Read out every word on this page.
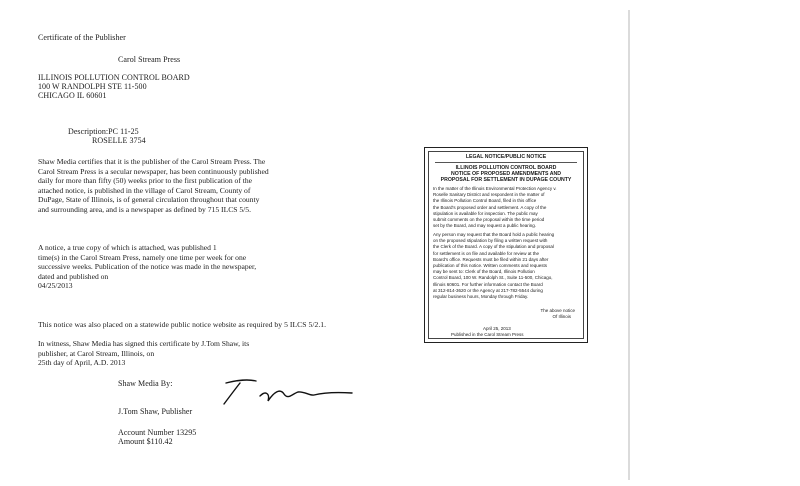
Certificate of the Publisher
Carol Stream Press
ILLINOIS POLLUTION CONTROL BOARD
100 W RANDOLPH STE 11-500
CHICAGO IL 60601
Description:PC 11-25
ROSELLE 3754
Shaw Media certifies that it is the publisher of the Carol Stream Press. The
Carol Stream Press is a secular newspaper, has been continuously published
daily for more than fifty (50) weeks prior to the first publication of the
attached notice, is published in the village of Carol Stream, County of
DuPage, State of Illinois, is of general circulation throughout that county
and surrounding area, and is a newspaper as defined by 715 ILCS 5/5.
A notice, a true copy of which is attached, was published 1
time(s) in the Carol Stream Press, namely one time per week for one
successive weeks. Publication of the notice was made in the newspaper,
dated and published on
04/25/2013
This notice was also placed on a statewide public notice website as required by 5 ILCS 5/2.1.
In witness, Shaw Media has signed this certificate by J.Tom Shaw, its
publisher, at Carol Stream, Illinois, on
25th day of April, A.D. 2013
Shaw Media By:
J.Tom Shaw, Publisher
Account Number 13295
Amount $110.42
LEGAL NOTICE/PUBLIC NOTICE
ILLINOIS POLLUTION CONTROL BOARD
NOTICE OF PROPOSED AMENDMENTS AND
PROPOSAL FOR SETTLEMENT IN DUPAGE COUNTY
In the matter of the Illinois Environmental Protection Agency v.
Roselle Sanitary District and respondent in the matter of
the Illinois Pollution Control Board, filed in this office
the Board's proposed order and settlement. A copy of the
stipulation is available for inspection. The public may
submit comments on the proposal within the time period
set by the Board, and may request a public hearing.
Any person may request that the Board hold a public hearing
on the proposed stipulation by filing a written request with
the Clerk of the Board. A copy of the stipulation and proposal
for settlement is on file and available for review at the
Board's office. Requests must be filed within 21 days after
publication of this notice. Written comments and requests
may be sent to: Clerk of the Board, Illinois Pollution
Control Board, 100 W. Randolph St., Suite 11-500, Chicago,
Illinois 60601. For further information contact the Board
at 312-814-3620 or the Agency at 217-782-5544 during
regular business hours, Monday through Friday.
The above notice
Of Illinois
April 25, 2013
Published in the Carol Stream Press
